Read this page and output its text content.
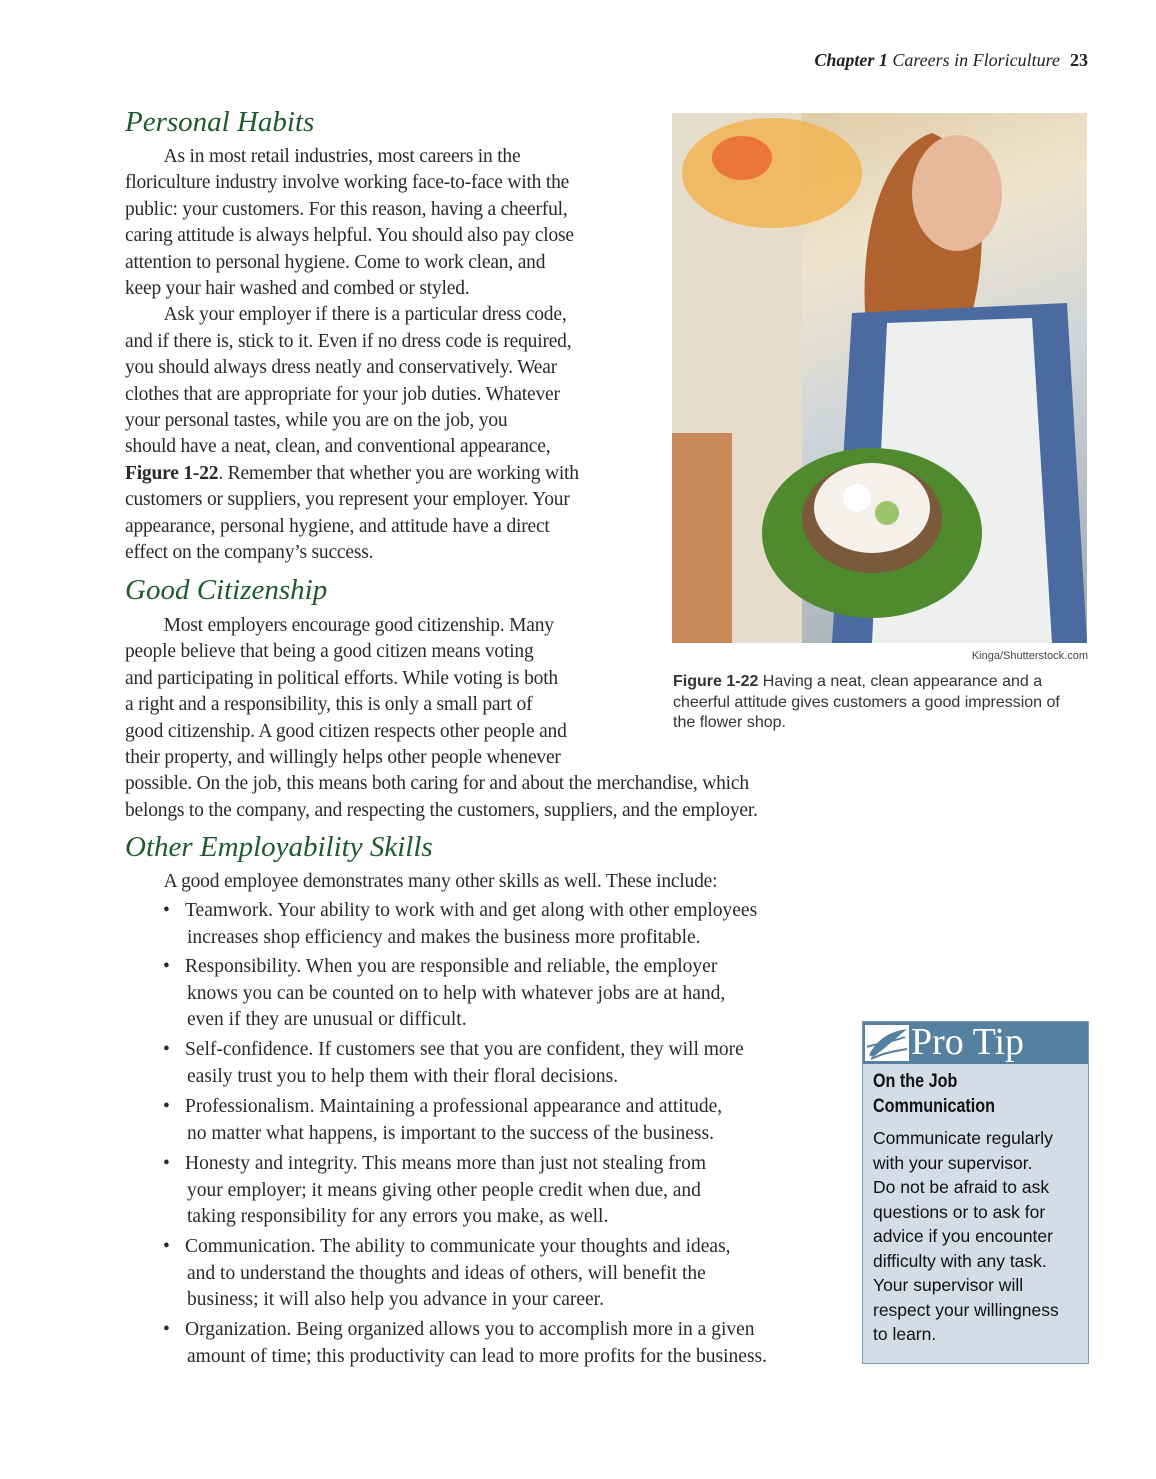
Chapter 1 Careers in Floriculture 23
Personal Habits
  As in most retail industries, most careers in the
floriculture industry involve working face-to-face with the
public: your customers. For this reason, having a cheerful,
caring attitude is always helpful. You should also pay close
attention to personal hygiene. Come to work clean, and
keep your hair washed and combed or styled.
  Ask your employer if there is a particular dress code,
and if there is, stick to it. Even if no dress code is required,
you should always dress neatly and conservatively. Wear
clothes that are appropriate for your job duties. Whatever
your personal tastes, while you are on the job, you
should have a neat, clean, and conventional appearance,
Figure 1-22. Remember that whether you are working with
customers or suppliers, you represent your employer. Your
appearance, personal hygiene, and attitude have a direct
effect on the company’s success.
Good Citizenship
  Most employers encourage good citizenship. Many
people believe that being a good citizen means voting
and participating in political efforts. While voting is both
a right and a responsibility, this is only a small part of
good citizenship. A good citizen respects other people and
their property, and willingly helps other people whenever
possible. On the job, this means both caring for and about the merchandise, which
belongs to the company, and respecting the customers, suppliers, and the employer.
Other Employability Skills
  A good employee demonstrates many other skills as well. These include:
• Teamwork. Your ability to work with and get along with other employees
increases shop efficiency and makes the business more profitable.
• Responsibility. When you are responsible and reliable, the employer
knows you can be counted on to help with whatever jobs are at hand,
even if they are unusual or difficult.
• Self-confidence. If customers see that you are confident, they will more
easily trust you to help them with their floral decisions.
• Professionalism. Maintaining a professional appearance and attitude,
no matter what happens, is important to the success of the business.
• Honesty and integrity. This means more than just not stealing from
your employer; it means giving other people credit when due, and
taking responsibility for any errors you make, as well.
• Communication. The ability to communicate your thoughts and ideas,
and to understand the thoughts and ideas of others, will benefit the
business; it will also help you advance in your career.
• Organization. Being organized allows you to accomplish more in a given
amount of time; this productivity can lead to more profits for the business.
Kinga/Shutterstock.com
Figure 1-22 Having a neat, clean appearance and a
cheerful attitude gives customers a good impression of
the flower shop.
Pro Tip
On the Job
Communication
Communicate regularly
with your supervisor.
Do not be afraid to ask
questions or to ask for
advice if you encounter
difficulty with any task.
Your supervisor will
respect your willingness
to learn.
